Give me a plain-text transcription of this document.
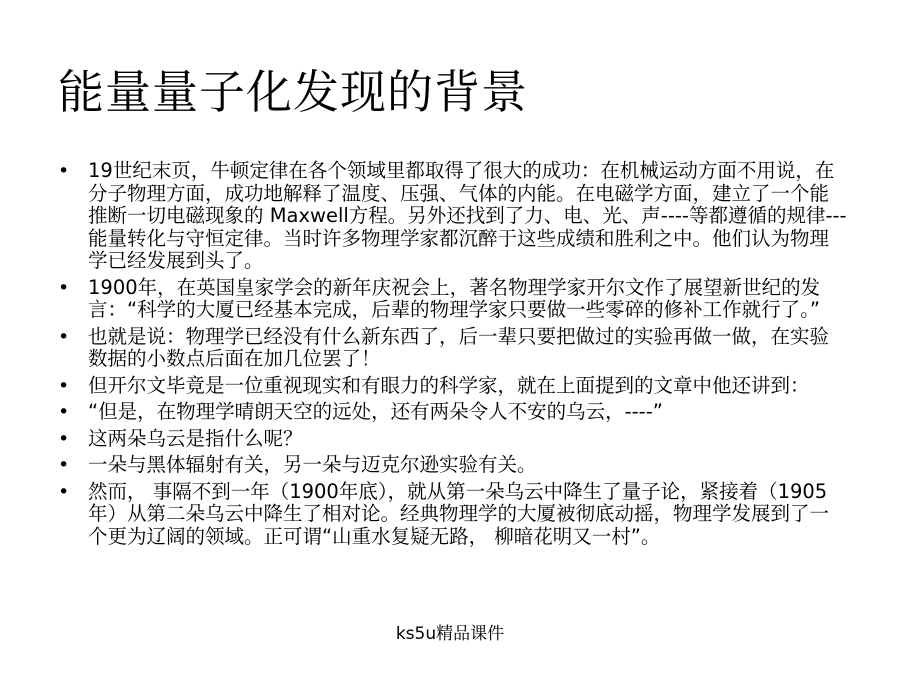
能量量子化发现的背景
• 19世纪末页，牛顿定律在各个领域里都取得了很大的成功：在机械运动方面不用说，在分子物理方面，成功地解释了温度、压强、气体的内能。在电磁学方面，建立了一个能推断一切电磁现象的 Maxwell方程。另外还找到了力、电、光、声----等都遵循的规律---能量转化与守恒定律。当时许多物理学家都沉醉于这些成绩和胜利之中。他们认为物理学已经发展到头了。
• 1900年，在英国皇家学会的新年庆祝会上，著名物理学家开尔文作了展望新世纪的发言：“科学的大厦已经基本完成，后辈的物理学家只要做一些零碎的修补工作就行了。”
• 也就是说：物理学已经没有什么新东西了，后一辈只要把做过的实验再做一做，在实验数据的小数点后面在加几位罢了！
• 但开尔文毕竟是一位重视现实和有眼力的科学家，就在上面提到的文章中他还讲到：
• “但是，在物理学晴朗天空的远处，还有两朵令人不安的乌云，----”
• 这两朵乌云是指什么呢？
• 一朵与黑体辐射有关，另一朵与迈克尔逊实验有关。
• 然而， 事隔不到一年（1900年底），就从第一朵乌云中降生了量子论，紧接着（1905年）从第二朵乌云中降生了相对论。经典物理学的大厦被彻底动摇，物理学发展到了一个更为辽阔的领域。正可谓“山重水复疑无路， 柳暗花明又一村”。
ks5u精品课件
